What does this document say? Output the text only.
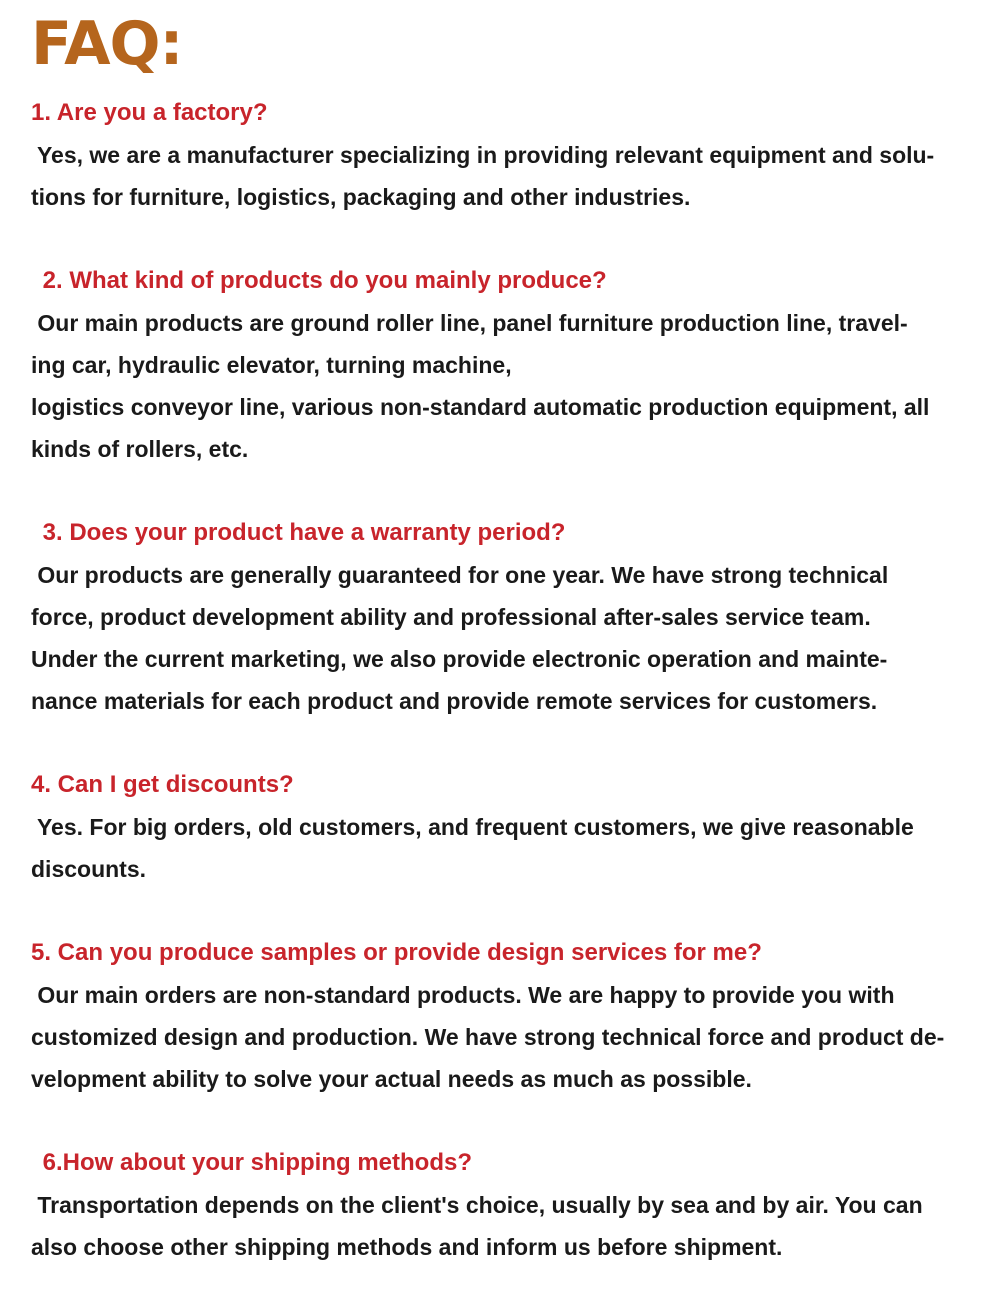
FAQ:

1. Are you a factory?

Yes, we are a manufacturer specializing in providing relevant equipment and solu-

tions for furniture, logistics, packaging and other industries.

2. What kind of products do you mainly produce?

Our main products are ground roller line, panel furniture production line, travel-

ing car, hydraulic elevator, turning machine,

logistics conveyor line, various non-standard automatic production equipment, all

kinds of rollers, etc.

3. Does your product have a warranty period?

Our products are generally guaranteed for one year. We have strong technical

force, product development ability and professional after-sales service team.

Under the current marketing, we also provide electronic operation and mainte-

nance materials for each product and provide remote services for customers.

4. Can I get discounts?

Yes. For big orders, old customers, and frequent customers, we give reasonable

discounts.

5. Can you produce samples or provide design services for me?

Our main orders are non-standard products. We are happy to provide you with

customized design and production. We have strong technical force and product de-

velopment ability to solve your actual needs as much as possible.

6.How about your shipping methods?

Transportation depends on the client's choice, usually by sea and by air. You can

also choose other shipping methods and inform us before shipment.
